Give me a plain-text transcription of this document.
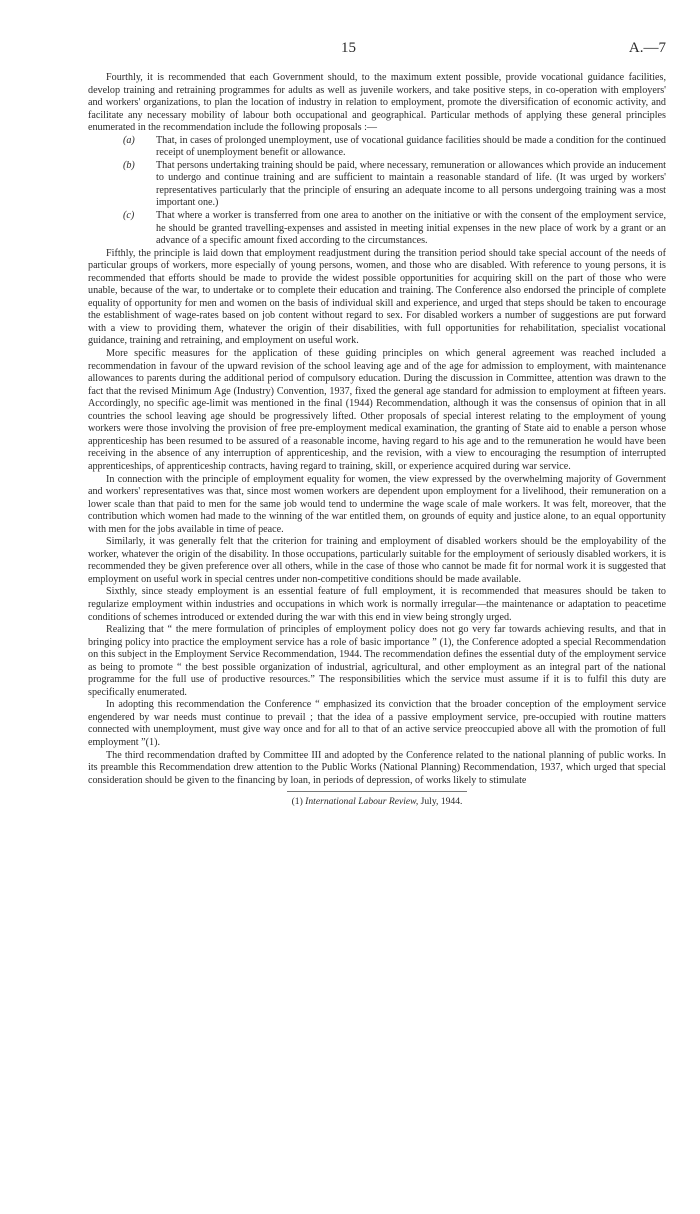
15	A.—7

Fourthly, it is recommended that each Government should, to the maximum extent possible, provide vocational guidance facilities, develop training and retraining programmes for adults as well as juvenile workers, and take positive steps, in co-operation with employers' and workers' organizations, to plan the location of industry in relation to employment, promote the diversification of economic activity, and facilitate any necessary mobility of labour both occupational and geographical. Particular methods of applying these general principles enumerated in the recommendation include the following proposals :—

(a) That, in cases of prolonged unemployment, use of vocational guidance facilities should be made a condition for the continued receipt of unemployment benefit or allowance.
(b) That persons undertaking training should be paid, where necessary, remuneration or allowances which provide an inducement to undergo and continue training and are sufficient to maintain a reasonable standard of life. (It was urged by workers' representatives particularly that the principle of ensuring an adequate income to all persons undergoing training was a most important one.)
(c) That where a worker is transferred from one area to another on the initiative or with the consent of the employment service, he should be granted travelling-expenses and assisted in meeting initial expenses in the new place of work by a grant or an advance of a specific amount fixed according to the circumstances.

Fifthly, the principle is laid down that employment readjustment during the transition period should take special account of the needs of particular groups of workers, more especially of young persons, women, and those who are disabled. With reference to young persons, it is recommended that efforts should be made to provide the widest possible opportunities for acquiring skill on the part of those who were unable, because of the war, to undertake or to complete their education and training. The Conference also endorsed the principle of complete equality of opportunity for men and women on the basis of individual skill and experience, and urged that steps should be taken to encourage the establishment of wage-rates based on job content without regard to sex. For disabled workers a number of suggestions are put forward with a view to providing them, whatever the origin of their disabilities, with full opportunities for rehabilitation, specialist vocational guidance, training and retraining, and employment on useful work.

More specific measures for the application of these guiding principles on which general agreement was reached included a recommendation in favour of the upward revision of the school leaving age and of the age for admission to employment, with maintenance allowances to parents during the additional period of compulsory education. During the discussion in Committee, attention was drawn to the fact that the revised Minimum Age (Industry) Convention, 1937, fixed the general age standard for admission to employment at fifteen years. Accordingly, no specific age-limit was mentioned in the final (1944) Recommendation, although it was the consensus of opinion that in all countries the school leaving age should be progressively lifted. Other proposals of special interest relating to the employment of young workers were those involving the provision of free pre-employment medical examination, the granting of State aid to enable a person whose apprenticeship has been resumed to be assured of a reasonable income, having regard to his age and to the remuneration he would have been receiving in the absence of any interruption of apprenticeship, and the revision, with a view to encouraging the resumption of interrupted apprenticeships, of apprenticeship contracts, having regard to training, skill, or experience acquired during war service.

In connection with the principle of employment equality for women, the view expressed by the overwhelming majority of Government and workers' representatives was that, since most women workers are dependent upon employment for a livelihood, their remuneration on a lower scale than that paid to men for the same job would tend to undermine the wage scale of male workers. It was felt, moreover, that the contribution which women had made to the winning of the war entitled them, on grounds of equity and justice alone, to an equal opportunity with men for the jobs available in time of peace.

Similarly, it was generally felt that the criterion for training and employment of disabled workers should be the employability of the worker, whatever the origin of the disability. In those occupations, particularly suitable for the employment of seriously disabled workers, it is recommended they be given preference over all others, while in the case of those who cannot be made fit for normal work it is suggested that employment on useful work in special centres under non-competitive conditions should be made available.

Sixthly, since steady employment is an essential feature of full employment, it is recommended that measures should be taken to regularize employment within industries and occupations in which work is normally irregular—the maintenance or adaptation to peacetime conditions of schemes introduced or extended during the war with this end in view being strongly urged.

Realizing that “ the mere formulation of principles of employment policy does not go very far towards achieving results, and that in bringing policy into practice the employment service has a role of basic importance ” (1), the Conference adopted a special Recommendation on this subject in the Employment Service Recommendation, 1944. The recommendation defines the essential duty of the employment service as being to promote “ the best possible organization of industrial, agricultural, and other employment as an integral part of the national programme for the full use of productive resources.” The responsibilities which the service must assume if it is to fulfil this duty are specifically enumerated.

In adopting this recommendation the Conference “ emphasized its conviction that the broader conception of the employment service engendered by war needs must continue to prevail ; that the idea of a passive employment service, pre-occupied with routine matters connected with unemployment, must give way once and for all to that of an active service preoccupied above all with the promotion of full employment ”(1).

The third recommendation drafted by Committee III and adopted by the Conference related to the national planning of public works. In its preamble this Recommendation drew attention to the Public Works (National Planning) Recommendation, 1937, which urged that special consideration should be given to the financing by loan, in periods of depression, of works likely to stimulate

(1) International Labour Review, July, 1944.
